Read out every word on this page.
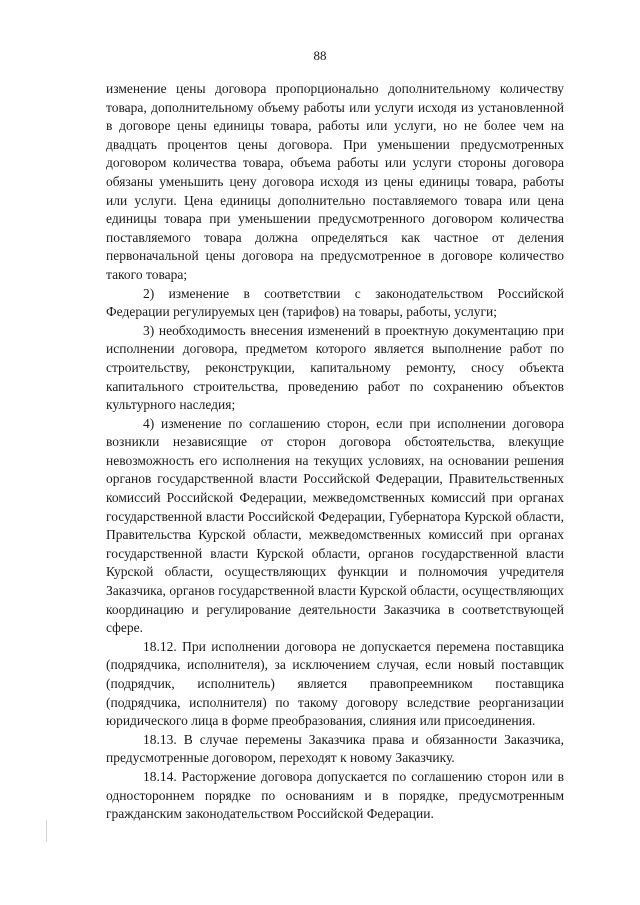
88

изменение цены договора пропорционально дополнительному количеству товара, дополнительному объему работы или услуги исходя из установленной в договоре цены единицы товара, работы или услуги, но не более чем на двадцать процентов цены договора. При уменьшении предусмотренных договором количества товара, объема работы или услуги стороны договора обязаны уменьшить цену договора исходя из цены единицы товара, работы или услуги. Цена единицы дополнительно поставляемого товара или цена единицы товара при уменьшении предусмотренного договором количества поставляемого товара должна определяться как частное от деления первоначальной цены договора на предусмотренное в договоре количество такого товара;

2) изменение в соответствии с законодательством Российской Федерации регулируемых цен (тарифов) на товары, работы, услуги;

3) необходимость внесения изменений в проектную документацию при исполнении договора, предметом которого является выполнение работ по строительству, реконструкции, капитальному ремонту, сносу объекта капитального строительства, проведению работ по сохранению объектов культурного наследия;

4) изменение по соглашению сторон, если при исполнении договора возникли независящие от сторон договора обстоятельства, влекущие невозможность его исполнения на текущих условиях, на основании решения органов государственной власти Российской Федерации, Правительственных комиссий Российской Федерации, межведомственных комиссий при органах государственной власти Российской Федерации, Губернатора Курской области, Правительства Курской области, межведомственных комиссий при органах государственной власти Курской области, органов государственной власти Курской области, осуществляющих функции и полномочия учредителя Заказчика, органов государственной власти Курской области, осуществляющих координацию и регулирование деятельности Заказчика в соответствующей сфере.

18.12. При исполнении договора не допускается перемена поставщика (подрядчика, исполнителя), за исключением случая, если новый поставщик (подрядчик, исполнитель) является правопреемником поставщика (подрядчика, исполнителя) по такому договору вследствие реорганизации юридического лица в форме преобразования, слияния или присоединения.

18.13. В случае перемены Заказчика права и обязанности Заказчика, предусмотренные договором, переходят к новому Заказчику.

18.14. Расторжение договора допускается по соглашению сторон или в одностороннем порядке по основаниям и в порядке, предусмотренным гражданским законодательством Российской Федерации.
